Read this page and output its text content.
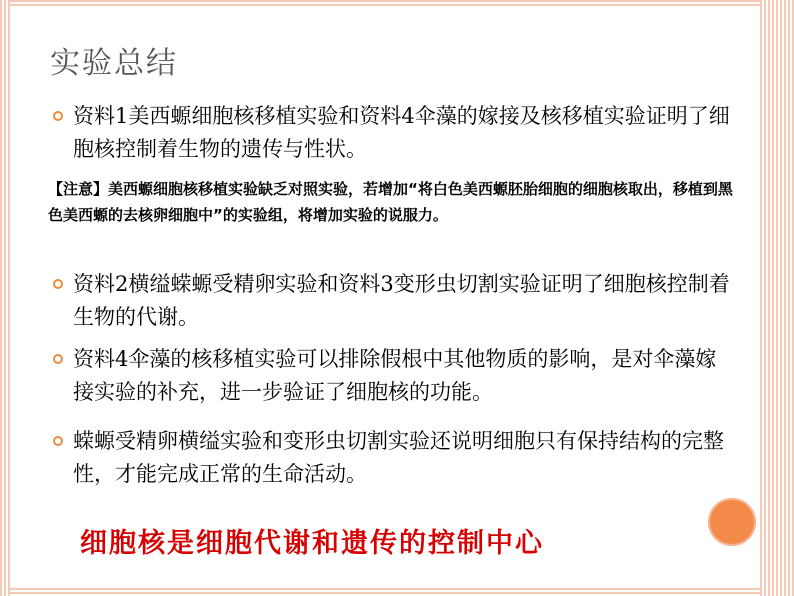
实验总结
资料1美西螈细胞核移植实验和资料4伞藻的嫁接及核移植实验证明了细胞核控制着生物的遗传与性状。
【注意】美西螈细胞核移植实验缺乏对照实验，若增加“将白色美西螈胚胎细胞的细胞核取出，移植到黑色美西螈的去核卵细胞中”的实验组，将增加实验的说服力。
资料2横缢蝾螈受精卵实验和资料3变形虫切割实验证明了细胞核控制着生物的代谢。
资料4伞藻的核移植实验可以排除假根中其他物质的影响，是对伞藻嫁接实验的补充，进一步验证了细胞核的功能。
蝾螈受精卵横缢实验和变形虫切割实验还说明细胞只有保持结构的完整性，才能完成正常的生命活动。
细胞核是细胞代谢和遗传的控制中心
